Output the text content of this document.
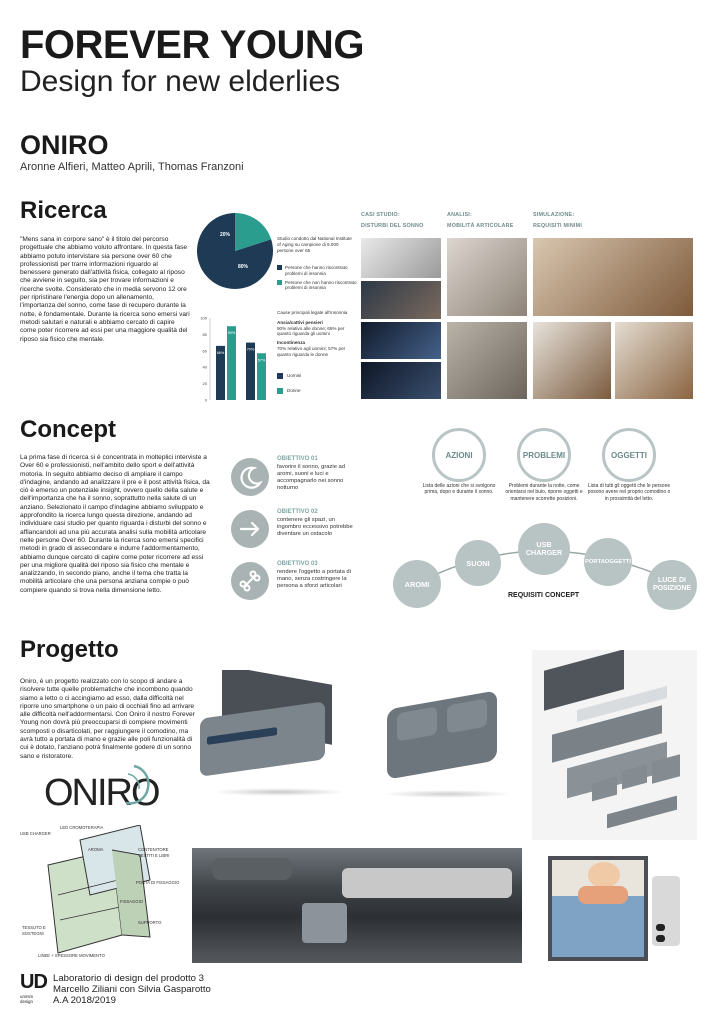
FOREVER YOUNG
Design for new elderlies
ONIRO
Aronne Alfieri, Matteo Aprili, Thomas Franzoni
Ricerca
"Mens sana in corpore sano" è il titolo del percorso progettuale che abbiamo voluto affrontare. In questa fase abbiamo potuto intervistare sia persone over 60 che professionisti per trarre informazioni riguardo al benessere generato dall'attività fisica, collegato al riposo che avviene in seguito, sia per trovare informazioni e ricerche svolte. Considerato che in media servono 12 ore per ripristinare l'energia dopo un allenamento, l'importanza del sonno, come fase di recupero durante la notte, è fondamentale. Durante la ricerca sono emersi vari metodi salutari e naturali e abbiamo cercato di capire come poter ricorrere ad essi per una maggiore qualità del riposo sia fisico che mentale.
20%
80%
Studio condotto dal National Institute of Aging su campione di 9.000 persone over 65
Persone che hanno riscontrato problemi di insonnia
Persone che non hanno riscontrato problemi di insonnia
100
80
60
40
20
0
66%
90%
70%
57%
Uomini
Donne
Cause principali legate all'insonnia
Ansia/cattivi pensieri
90% relativo alle donne; 66% per quanto riguarda gli uomini
Incontinenza
70% relativo agli uomini; 57% per quanto riguarda le donne
CASI STUDIO:
DISTURBI DEL SONNO
ANALISI:
MOBILITÀ ARTICOLARE
SIMULAZIONE:
REQUISITI MINIMI
Concept
La prima fase di ricerca si è concentrata in molteplici interviste a Over 60 e professionisti, nell'ambito dello sport e dell'attività motoria. In seguito abbiamo deciso di ampliare il campo d'indagine, andando ad analizzare il pre e il post attività fisica, da ciò è emerso un potenziale insight, ovvero quello della salute e dell'importanza che ha il sonno, soprattutto nella salute di un anziano. Selezionato il campo d'indagine abbiamo sviluppato e approfondito la ricerca lungo questa direzione, andando ad individuare casi studio per quanto riguarda i disturbi del sonno e affiancandoli ad una più accurata analisi sulla mobilità articolare nelle persone Over 60. Durante la ricerca sono emersi specifici metodi in grado di assecondare e indurre l'addormentamento, abbiamo dunque cercato di capire come poter ricorrere ad essi per una migliore qualità del riposo sia fisico che mentale e analizzando, in secondo piano, anche il tema che tratta la mobilità articolare che una persona anziana compie o può compiere quando si trova nella dimensione letto.
OBIETTIVO 01
favorire il sonno, grazie ad aromi, suoni e luci e accompagnarlo nei sonno notturno
OBIETTIVO 02
contenere gli spazi, un ingombro eccessivo potrebbe diventare un ostacolo
OBIETTIVO 03
rendere l'oggetto a portata di mano, senza costringere la persona a sforzi articolari
AZIONI
Lista delle azioni che si svolgono prima, dopo e durante il sonno.
PROBLEMI
Problemi durante la notte, come orientarsi nel buio, riporre oggetti e mantenere scorrette posizioni.
OGGETTI
Lista di tutti gli oggetti che le persone posono avere nel proprio comodino o in prossimità del letto.
AROMI
SUONI
USB CHARGER
PORTAOGGETTI
LUCE DI POSIZIONE
REQUISITI CONCEPT
Progetto
Oniro, è un progetto realizzato con lo scopo di andare a risolvere tutte quelle problematiche che incombono quando siamo a letto o ci accingiamo ad esso, dalla difficoltà nel riporre uno smartphone o un paio di occhiali fino ad arrivare alle difficoltà nell'addormentarsi. Con Oniro il nostro Forever Young non dovrà più preoccuparsi di compiere movimenti scomposti o disarticolati, per raggiungere il comodino, ma avrà tutto a portata di mano e grazie alle poli funzionalità di cui è dotato, l'anziano potrà finalmente godere di un sonno sano e ristoratore.
ONIRO
USB CHARGER
LED CROMOTERAPIA
AROMA	CONTENITORE VESTITI E LIBRI
PORTA DI FISSAGGIO
TESSUTO E SOSTEGNI
SUPPORTO
LINEE + SPESSORE MOVIMENTO
FISSAGGIO
UD
unirsm design
Laboratorio di design del prodotto 3
Marcello Ziliani con Silvia Gasparotto
A.A 2018/2019
